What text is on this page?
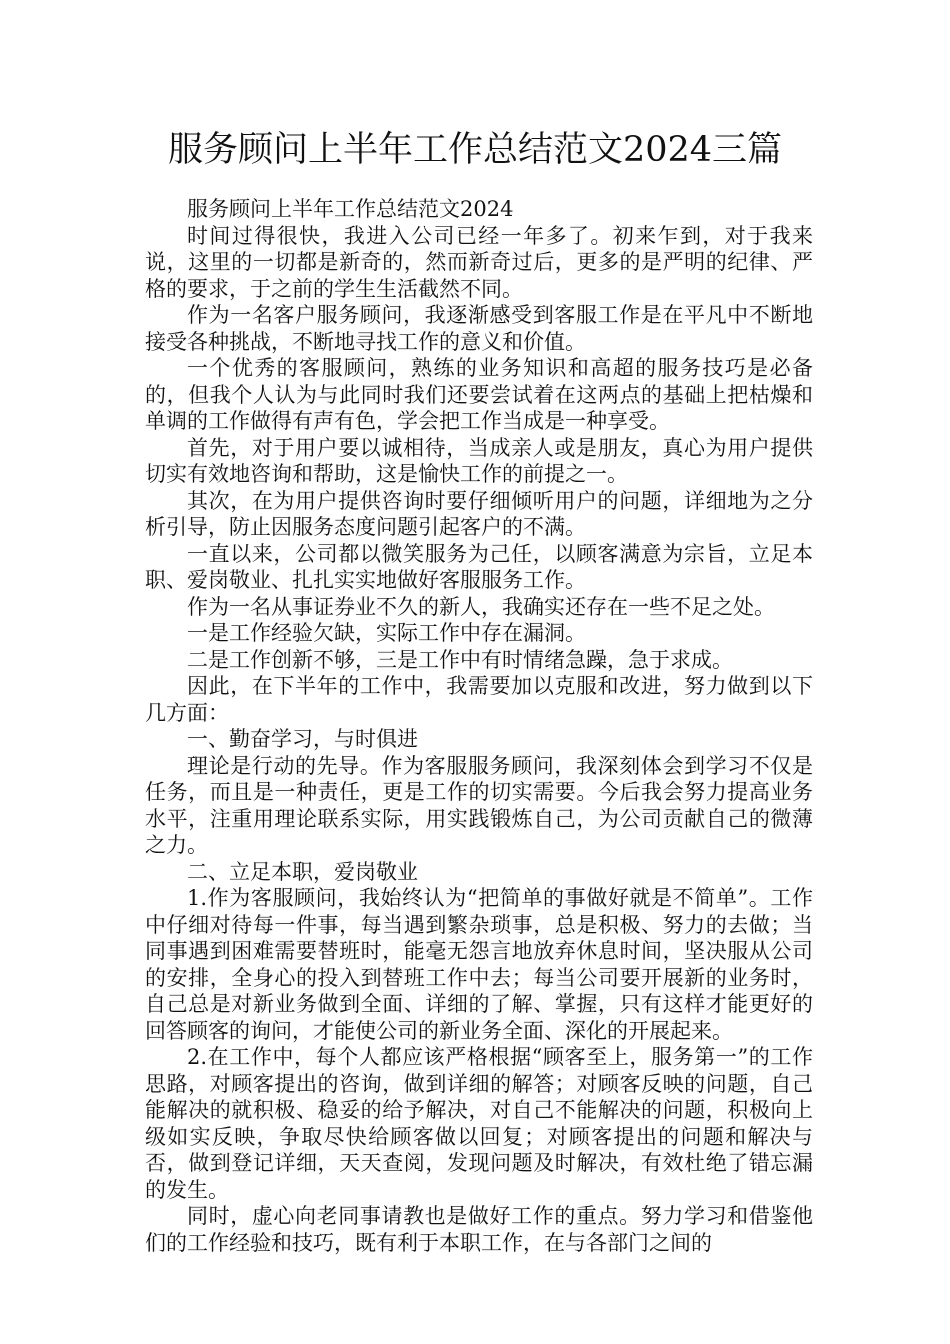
服务顾问上半年工作总结范文2024三篇

服务顾问上半年工作总结范文2024

时间过得很快，我进入公司已经一年多了。初来乍到，对于我来说，这里的一切都是新奇的，然而新奇过后，更多的是严明的纪律、严格的要求，于之前的学生生活截然不同。

作为一名客户服务顾问，我逐渐感受到客服工作是在平凡中不断地接受各种挑战，不断地寻找工作的意义和价值。

一个优秀的客服顾问，熟练的业务知识和高超的服务技巧是必备的，但我个人认为与此同时我们还要尝试着在这两点的基础上把枯燥和单调的工作做得有声有色，学会把工作当成是一种享受。

首先，对于用户要以诚相待，当成亲人或是朋友，真心为用户提供切实有效地咨询和帮助，这是愉快工作的前提之一。

其次，在为用户提供咨询时要仔细倾听用户的问题，详细地为之分析引导，防止因服务态度问题引起客户的不满。

一直以来，公司都以微笑服务为己任，以顾客满意为宗旨，立足本职、爱岗敬业、扎扎实实地做好客服服务工作。

作为一名从事证券业不久的新人，我确实还存在一些不足之处。

一是工作经验欠缺，实际工作中存在漏洞。

二是工作创新不够，三是工作中有时情绪急躁，急于求成。

因此，在下半年的工作中，我需要加以克服和改进，努力做到以下几方面：

一、勤奋学习，与时俱进

理论是行动的先导。作为客服服务顾问，我深刻体会到学习不仅是任务，而且是一种责任，更是工作的切实需要。今后我会努力提高业务水平，注重用理论联系实际，用实践锻炼自己，为公司贡献自己的微薄之力。

二、立足本职，爱岗敬业

1.作为客服顾问，我始终认为“把简单的事做好就是不简单”。工作中仔细对待每一件事，每当遇到繁杂琐事，总是积极、努力的去做；当同事遇到困难需要替班时，能毫无怨言地放弃休息时间，坚决服从公司的安排，全身心的投入到替班工作中去；每当公司要开展新的业务时，自己总是对新业务做到全面、详细的了解、掌握，只有这样才能更好的回答顾客的询问，才能使公司的新业务全面、深化的开展起来。

2.在工作中，每个人都应该严格根据“顾客至上，服务第一”的工作思路，对顾客提出的咨询，做到详细的解答；对顾客反映的问题，自己能解决的就积极、稳妥的给予解决，对自己不能解决的问题，积极向上级如实反映，争取尽快给顾客做以回复；对顾客提出的问题和解决与否，做到登记详细，天天查阅，发现问题及时解决，有效杜绝了错忘漏的发生。

同时，虚心向老同事请教也是做好工作的重点。努力学习和借鉴他们的工作经验和技巧，既有利于本职工作，在与各部门之间的
